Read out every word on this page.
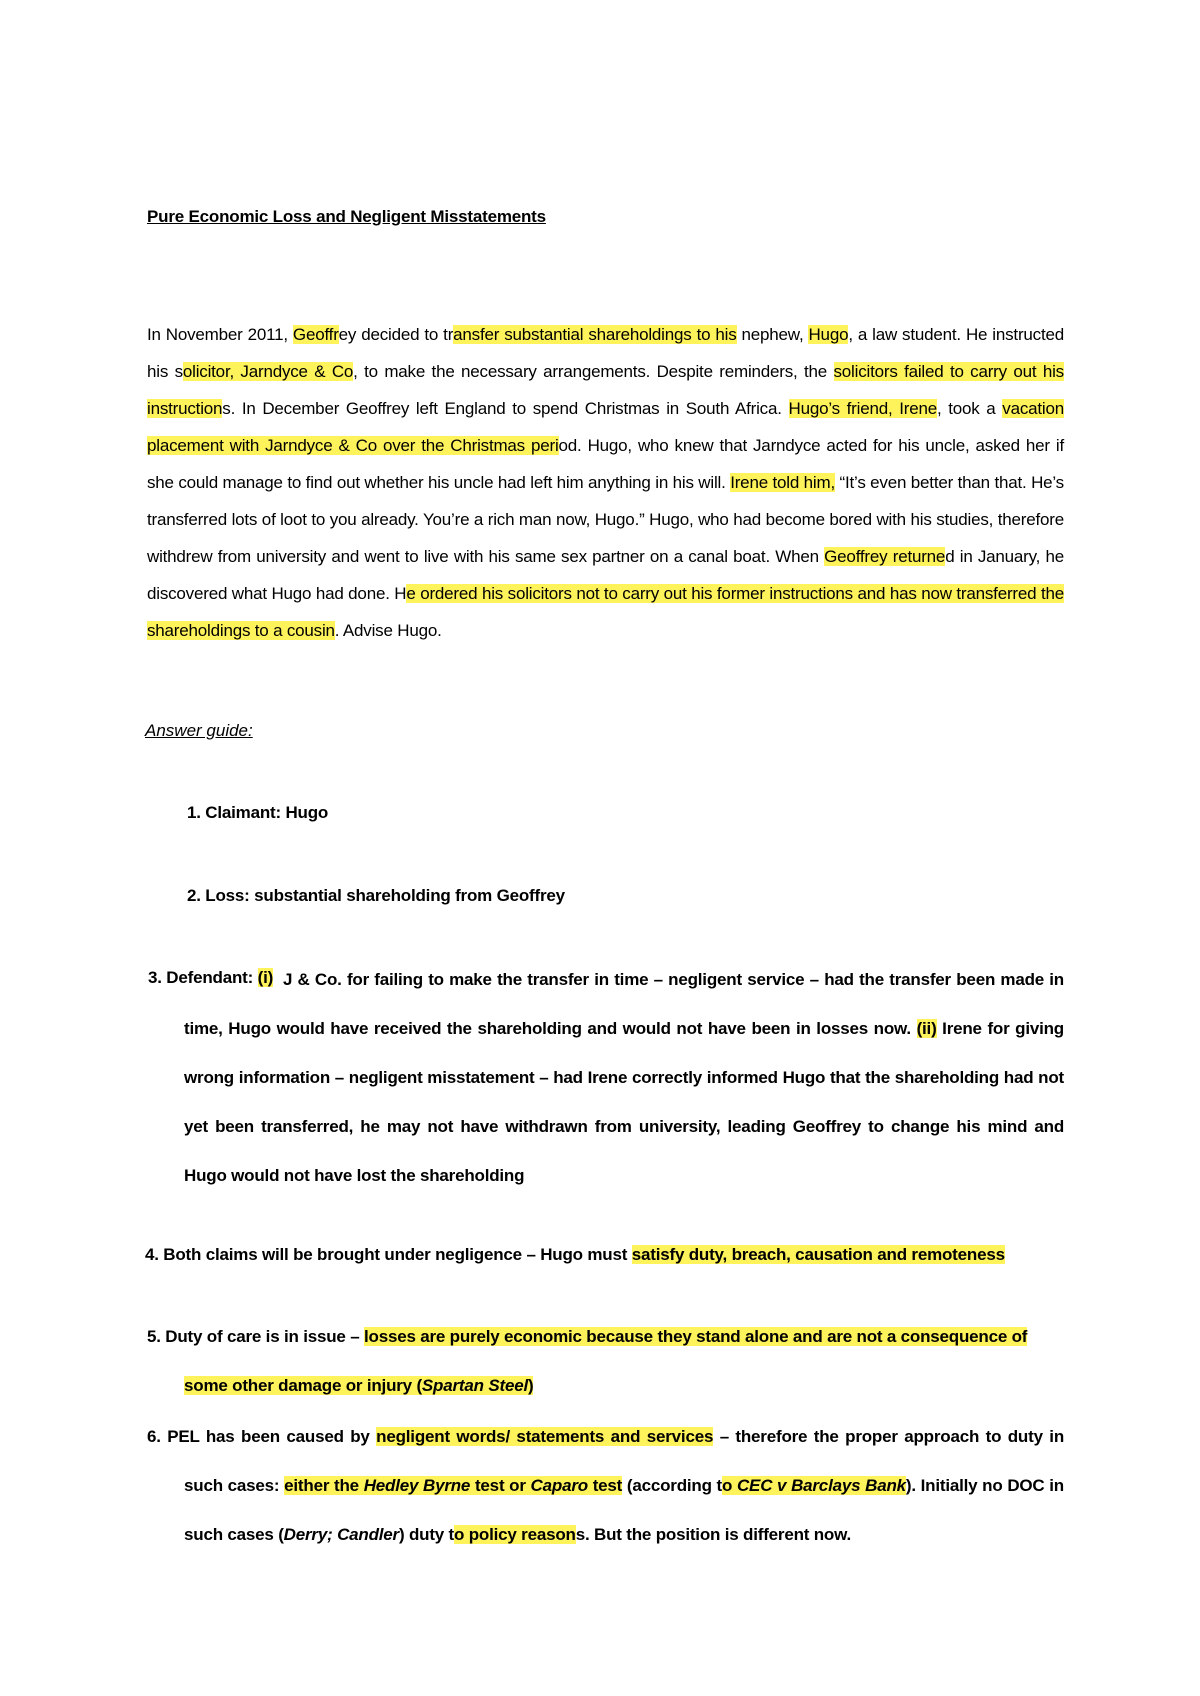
Pure Economic Loss and Negligent Misstatements
In November 2011, Geoffrey decided to transfer substantial shareholdings to his nephew, Hugo, a law student. He instructed his solicitor, Jarndyce & Co, to make the necessary arrangements. Despite reminders, the solicitors failed to carry out his instructions. In December Geoffrey left England to spend Christmas in South Africa. Hugo’s friend, Irene, took a vacation placement with Jarndyce & Co over the Christmas period. Hugo, who knew that Jarndyce acted for his uncle, asked her if she could manage to find out whether his uncle had left him anything in his will. Irene told him, “It’s even better than that. He’s transferred lots of loot to you already. You’re a rich man now, Hugo.” Hugo, who had become bored with his studies, therefore withdrew from university and went to live with his same sex partner on a canal boat. When Geoffrey returned in January, he discovered what Hugo had done. He ordered his solicitors not to carry out his former instructions and has now transferred the shareholdings to a cousin. Advise Hugo.
Answer guide:
1. Claimant: Hugo
2. Loss: substantial shareholding from Geoffrey
3. Defendant: (i) J & Co. for failing to make the transfer in time – negligent service – had the transfer been made in time, Hugo would have received the shareholding and would not have been in losses now. (ii) Irene for giving wrong information – negligent misstatement – had Irene correctly informed Hugo that the shareholding had not yet been transferred, he may not have withdrawn from university, leading Geoffrey to change his mind and Hugo would not have lost the shareholding
4. Both claims will be brought under negligence – Hugo must satisfy duty, breach, causation and remoteness
5. Duty of care is in issue – losses are purely economic because they stand alone and are not a consequence of some other damage or injury (Spartan Steel)
6. PEL has been caused by negligent words/ statements and services – therefore the proper approach to duty in such cases: either the Hedley Byrne test or Caparo test (according to CEC v Barclays Bank). Initially no DOC in such cases (Derry; Candler) duty to policy reasons. But the position is different now.
